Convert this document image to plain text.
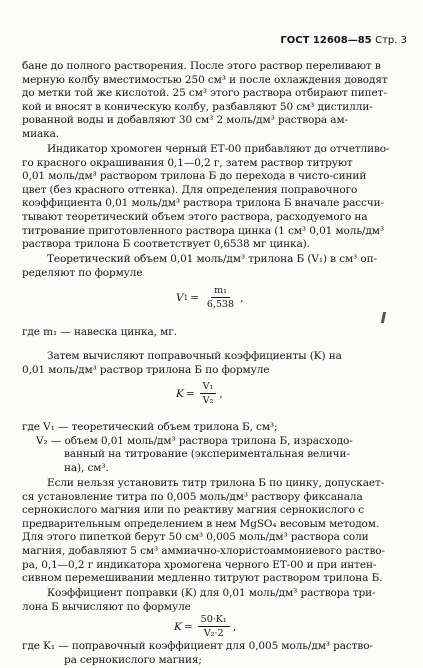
ГОСТ 12608—85 Стр. 3
бане до полного растворения. После этого раствор переливают в
мерную колбу вместимостью 250 см³ и после охлаждения доводят
до метки той же кислотой. 25 см³ этого раствора отбирают пипет-
кой и вносят в коническую колбу, разбавляют 50 см³ дистилли-
рованной воды и добавляют 30 см³ 2 моль/дм³ раствора ам-
миака.
Индикатор хромоген черный ЕТ-00 прибавляют до отчетливо-
го красного окрашивания 0,1—0,2 г, затем раствор титруют
0,01 моль/дм³ раствором трилона Б до перехода в чисто-синий
цвет (без красного оттенка). Для определения поправочного
коэффициента 0,01 моль/дм³ раствора трилона Б вначале рассчи-
тывают теоретический объем этого раствора, расходуемого на
титрование приготовленного раствора цинка (1 см³ 0,01 моль/дм³
раствора трилона Б соответствует 0,6538 мг цинка).
Теоретический объем 0,01 моль/дм³ трилона Б (V₁) в см³ оп-
ределяют по формуле
V $1 = \frac{\text{m₁}}{6,538}$ ,
где m₁ — навеска цинка, мг.
Затем вычисляют поправочный коэффициенты (K) на
0,01 моль/дм³ раствор трилона Б по формуле
$K = \frac{\text{V₁}}{\text{V₂}}$ ,
где V₁ — теоретический объем трилона Б, см³;
V₂ — объем 0,01 моль/дм³ раствора трилона Б, израсходо-
ванный на титрование (экспериментальная величи-
на), см³.
Если нельзя установить титр трилона Б по цинку, допускает-
ся установление титра по 0,005 моль/дм³ раствору фиксанала
сернокислого магния или по реактиву магния сернокислого с
предварительным определением в нем MgSO₄ весовым методом.
Для этого пипеткой берут 50 см³ 0,005 моль/дм³ раствора соли
магния, добавляют 5 см³ аммиачно-хлористоаммониевого раство-
ра, 0,1—0,2 г индикатора хромогена черного ЕТ-00 и при интен-
сивном перемешивании медленно титруют раствором трилона Б.
Коэффициент поправки (K) для 0,01 моль/дм³ раствора три-
лона Б вычисляют по формуле
$K = \frac{\text{50·K₁}}{\text{V₂·2}}$ ,
где K₁ — поправочный коэффициент для 0,005 моль/дм³ раство-
ра сернокислого магния;
